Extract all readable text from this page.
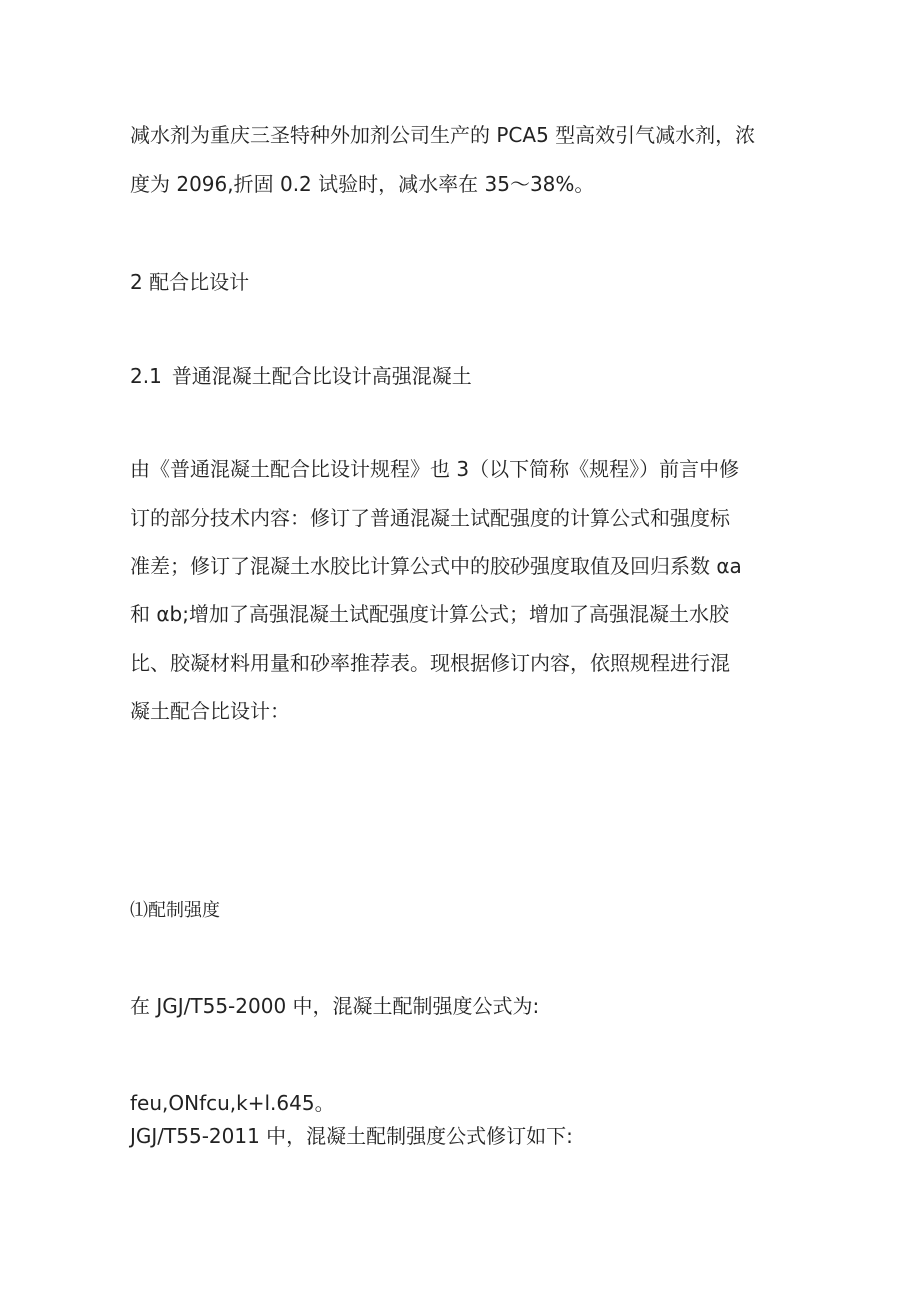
减水剂为重庆三圣特种外加剂公司生产的 PCA5 型高效引气减水剂，浓

度为 2096,折固 0.2 试验时，减水率在 35～38%。

2 配合比设计

2.1 普通混凝土配合比设计高强混凝土

由《普通混凝土配合比设计规程》也 3（以下简称《规程》）前言中修

订的部分技术内容：修订了普通混凝土试配强度的计算公式和强度标

准差；修订了混凝土水胶比计算公式中的胶砂强度取值及回归系数 αa

和 αb;增加了高强混凝土试配强度计算公式；增加了高强混凝土水胶

比、胶凝材料用量和砂率推荐表。现根据修订内容，依照规程进行混

凝土配合比设计：

⑴配制强度

在 JGJ/T55-2000 中，混凝土配制强度公式为:

feu,ONfcu,k+l.645。

JGJ/T55-2011 中，混凝土配制强度公式修订如下:
